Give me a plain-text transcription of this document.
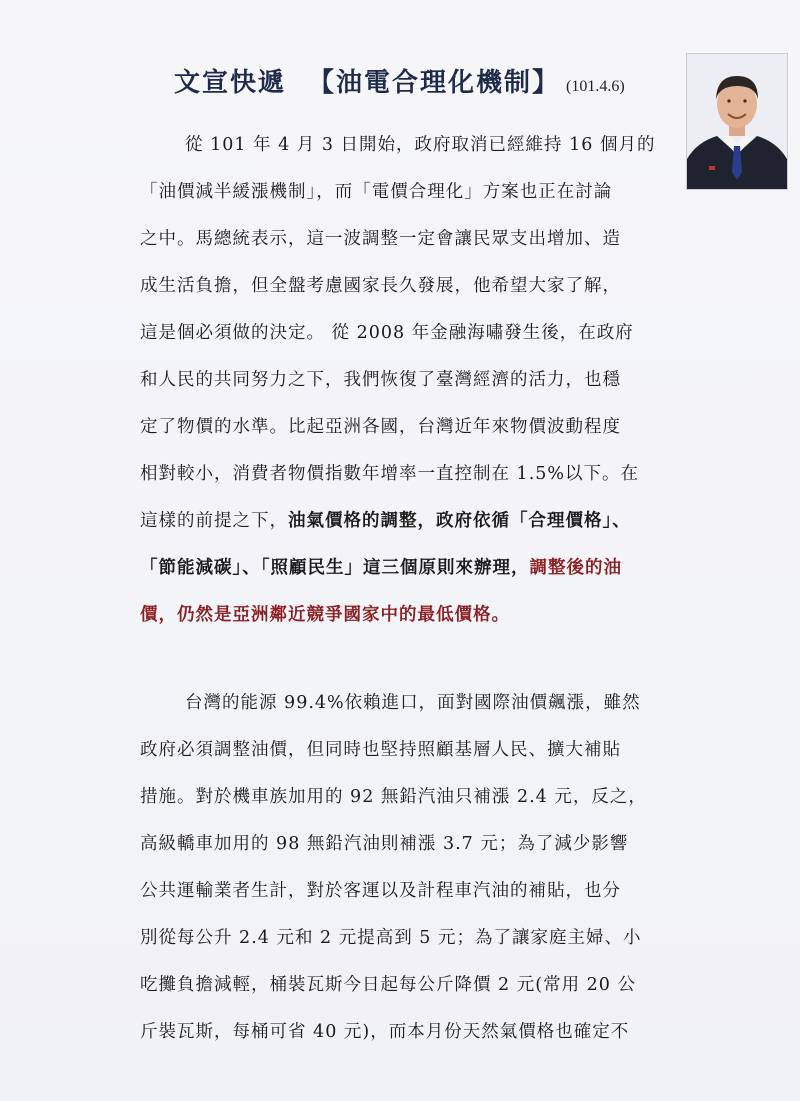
文宣快遞 【油電合理化機制】 (101.4.6)
從 101 年 4 月 3 日開始，政府取消已經維持 16 個月的
「油價減半緩漲機制」，而「電價合理化」方案也正在討論
之中。馬總統表示，這一波調整一定會讓民眾支出增加、造
成生活負擔，但全盤考慮國家長久發展，他希望大家了解，
這是個必須做的決定。 從 2008 年金融海嘯發生後，在政府
和人民的共同努力之下，我們恢復了臺灣經濟的活力，也穩
定了物價的水準。比起亞洲各國，台灣近年來物價波動程度
相對較小，消費者物價指數年增率一直控制在 1.5%以下。在
這樣的前提之下，油氣價格的調整，政府依循「合理價格」、
「節能減碳」、「照顧民生」這三個原則來辦理，調整後的油
價，仍然是亞洲鄰近競爭國家中的最低價格。
台灣的能源 99.4%依賴進口，面對國際油價飆漲，雖然
政府必須調整油價，但同時也堅持照顧基層人民、擴大補貼
措施。對於機車族加用的 92 無鉛汽油只補漲 2.4 元，反之，
高級轎車加用的 98 無鉛汽油則補漲 3.7 元；為了減少影響
公共運輸業者生計，對於客運以及計程車汽油的補貼，也分
別從每公升 2.4 元和 2 元提高到 5 元；為了讓家庭主婦、小
吃攤負擔減輕，桶裝瓦斯今日起每公斤降價 2 元(常用 20 公
斤裝瓦斯，每桶可省 40 元)，而本月份天然氣價格也確定不
